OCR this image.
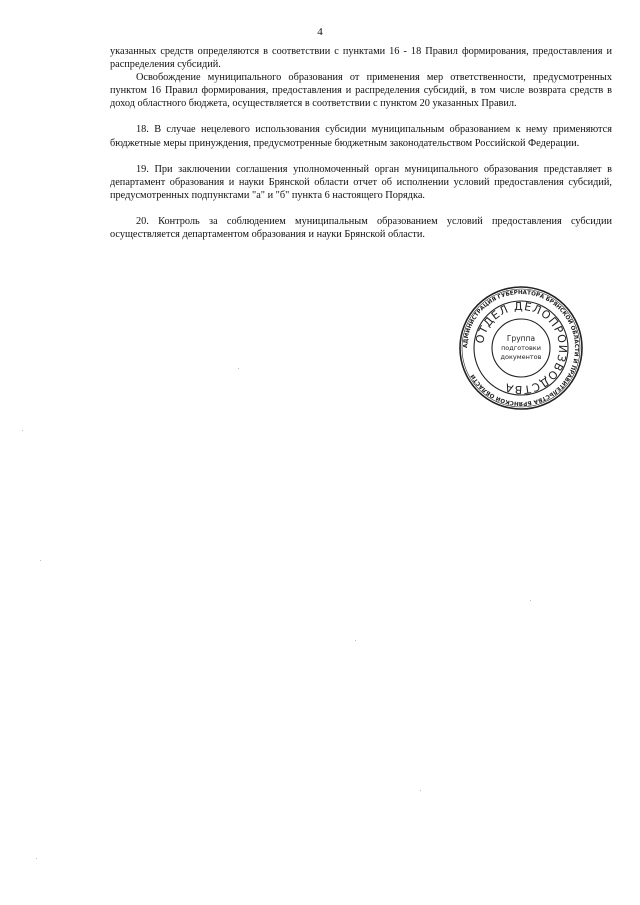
4

указанных средств определяются в соответствии с пунктами 16 - 18 Правил формирования, предоставления и распределения субсидий.

Освобождение муниципального образования от применения мер ответственности, предусмотренных пунктом 16 Правил формирования, предоставления и распределения субсидий, в том числе возврата средств в доход областного бюджета, осуществляется в соответствии с пунктом 20 указанных Правил.

18. В случае нецелевого использования субсидии муниципальным образованием к нему применяются бюджетные меры принуждения, предусмотренные бюджетным законодательством Российской Федерации.

19. При заключении соглашения уполномоченный орган муниципального образования представляет в департамент образования и науки Брянской области отчет об исполнении условий предоставления субсидий, предусмотренных подпунктами "а" и "б" пункта 6 настоящего Порядка.

20. Контроль за соблюдением муниципальным образованием условий предоставления субсидии осуществляется департаментом образования и науки Брянской области.

АДМИНИСТРАЦИЯ ГУБЕРНАТОРА БРЯНСКОЙ ОБЛАСТИ И ПРАВИТЕЛЬСТВА БРЯНСКОЙ ОБЛАСТИ
ОТДЕЛ ДЕЛОПРОИЗВОДСТВА
Группа
подготовки
документов
